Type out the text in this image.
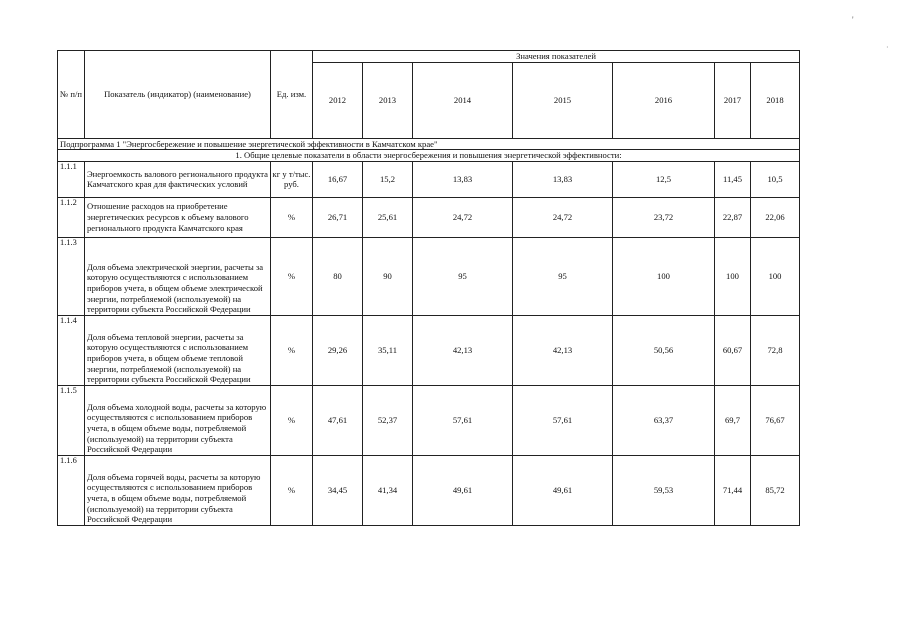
'
·
№ п/п	Показатель (индикатор) (наименование)	Ед. изм.	Значения показателей						
			2012	2013	2014	2015	2016	2017	2018
Подпрограмма 1 "Энергосбережение и повышение энергетической эффективности в Камчатском крае"									
1. Общие целевые показатели в области энергосбережения и повышения энергетической эффективности:									
1.1.1	Энергоемкость валового регионального продукта Камчатского края для фактических условий	кг у т/тыс. руб.	16,67	15,2	13,83	13,83	12,5	11,45	10,5
1.1.2	Отношение расходов на приобретение энергетических ресурсов к объему валового регионального продукта Камчатского края	%	26,71	25,61	24,72	24,72	23,72	22,87	22,06
1.1.3	Доля объема электрической энергии, расчеты за которую осуществляются с использованием приборов учета, в общем объеме электрической энергии, потребляемой (используемой) на территории субъекта Российской Федерации	%	80	90	95	95	100	100	100
1.1.4	Доля объема тепловой энергии, расчеты за которую осуществляются с использованием приборов учета, в общем объеме тепловой энергии, потребляемой (используемой) на территории субъекта Российской Федерации	%	29,26	35,11	42,13	42,13	50,56	60,67	72,8
1.1.5	Доля объема холодной воды, расчеты за которую осуществляются с использованием приборов учета, в общем объеме воды, потребляемой (используемой) на территории субъекта Российской Федерации	%	47,61	52,37	57,61	57,61	63,37	69,7	76,67
1.1.6	Доля объема горячей воды, расчеты за которую осуществляются с использованием приборов учета, в общем объеме воды, потребляемой (используемой) на территории субъекта Российской Федерации	%	34,45	41,34	49,61	49,61	59,53	71,44	85,72
